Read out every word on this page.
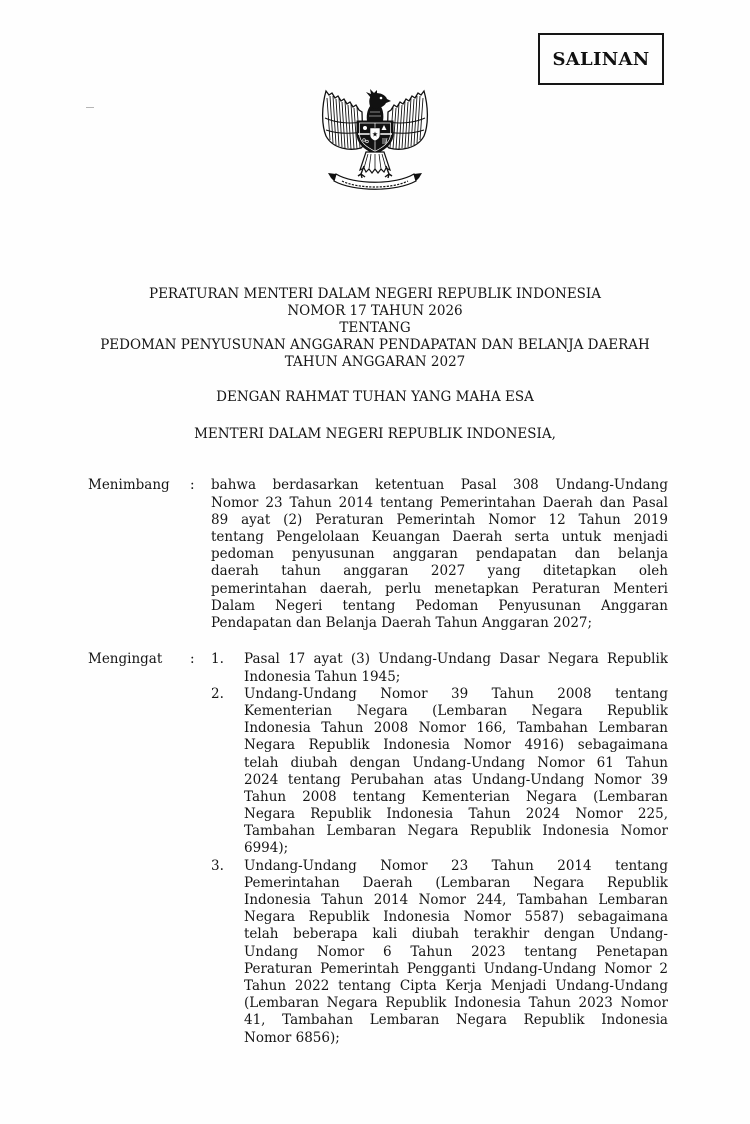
SALINAN
PERATURAN MENTERI DALAM NEGERI REPUBLIK INDONESIA
NOMOR 17 TAHUN 2026
TENTANG
PEDOMAN PENYUSUNAN ANGGARAN PENDAPATAN DAN BELANJA DAERAH
TAHUN ANGGARAN 2027
DENGAN RAHMAT TUHAN YANG MAHA ESA
MENTERI DALAM NEGERI REPUBLIK INDONESIA,
Menimbang : bahwa berdasarkan ketentuan Pasal 308 Undang-Undang
Nomor 23 Tahun 2014 tentang Pemerintahan Daerah dan Pasal
89 ayat (2) Peraturan Pemerintah Nomor 12 Tahun 2019
tentang Pengelolaan Keuangan Daerah serta untuk menjadi
pedoman penyusunan anggaran pendapatan dan belanja
daerah tahun anggaran 2027 yang ditetapkan oleh
pemerintahan daerah, perlu menetapkan Peraturan Menteri
Dalam Negeri tentang Pedoman Penyusunan Anggaran
Pendapatan dan Belanja Daerah Tahun Anggaran 2027;
Mengingat : 1.	Pasal 17 ayat (3) Undang-Undang Dasar Negara Republik
Indonesia Tahun 1945;
2.	Undang-Undang Nomor 39 Tahun 2008 tentang
Kementerian Negara (Lembaran Negara Republik
Indonesia Tahun 2008 Nomor 166, Tambahan Lembaran
Negara Republik Indonesia Nomor 4916) sebagaimana
telah diubah dengan Undang-Undang Nomor 61 Tahun
2024 tentang Perubahan atas Undang-Undang Nomor 39
Tahun 2008 tentang Kementerian Negara (Lembaran
Negara Republik Indonesia Tahun 2024 Nomor 225,
Tambahan Lembaran Negara Republik Indonesia Nomor
6994);
3.	Undang-Undang Nomor 23 Tahun 2014 tentang
Pemerintahan Daerah (Lembaran Negara Republik
Indonesia Tahun 2014 Nomor 244, Tambahan Lembaran
Negara Republik Indonesia Nomor 5587) sebagaimana
telah beberapa kali diubah terakhir dengan Undang-
Undang Nomor 6 Tahun 2023 tentang Penetapan
Peraturan Pemerintah Pengganti Undang-Undang Nomor 2
Tahun 2022 tentang Cipta Kerja Menjadi Undang-Undang
(Lembaran Negara Republik Indonesia Tahun 2023 Nomor
41, Tambahan Lembaran Negara Republik Indonesia
Nomor 6856);
